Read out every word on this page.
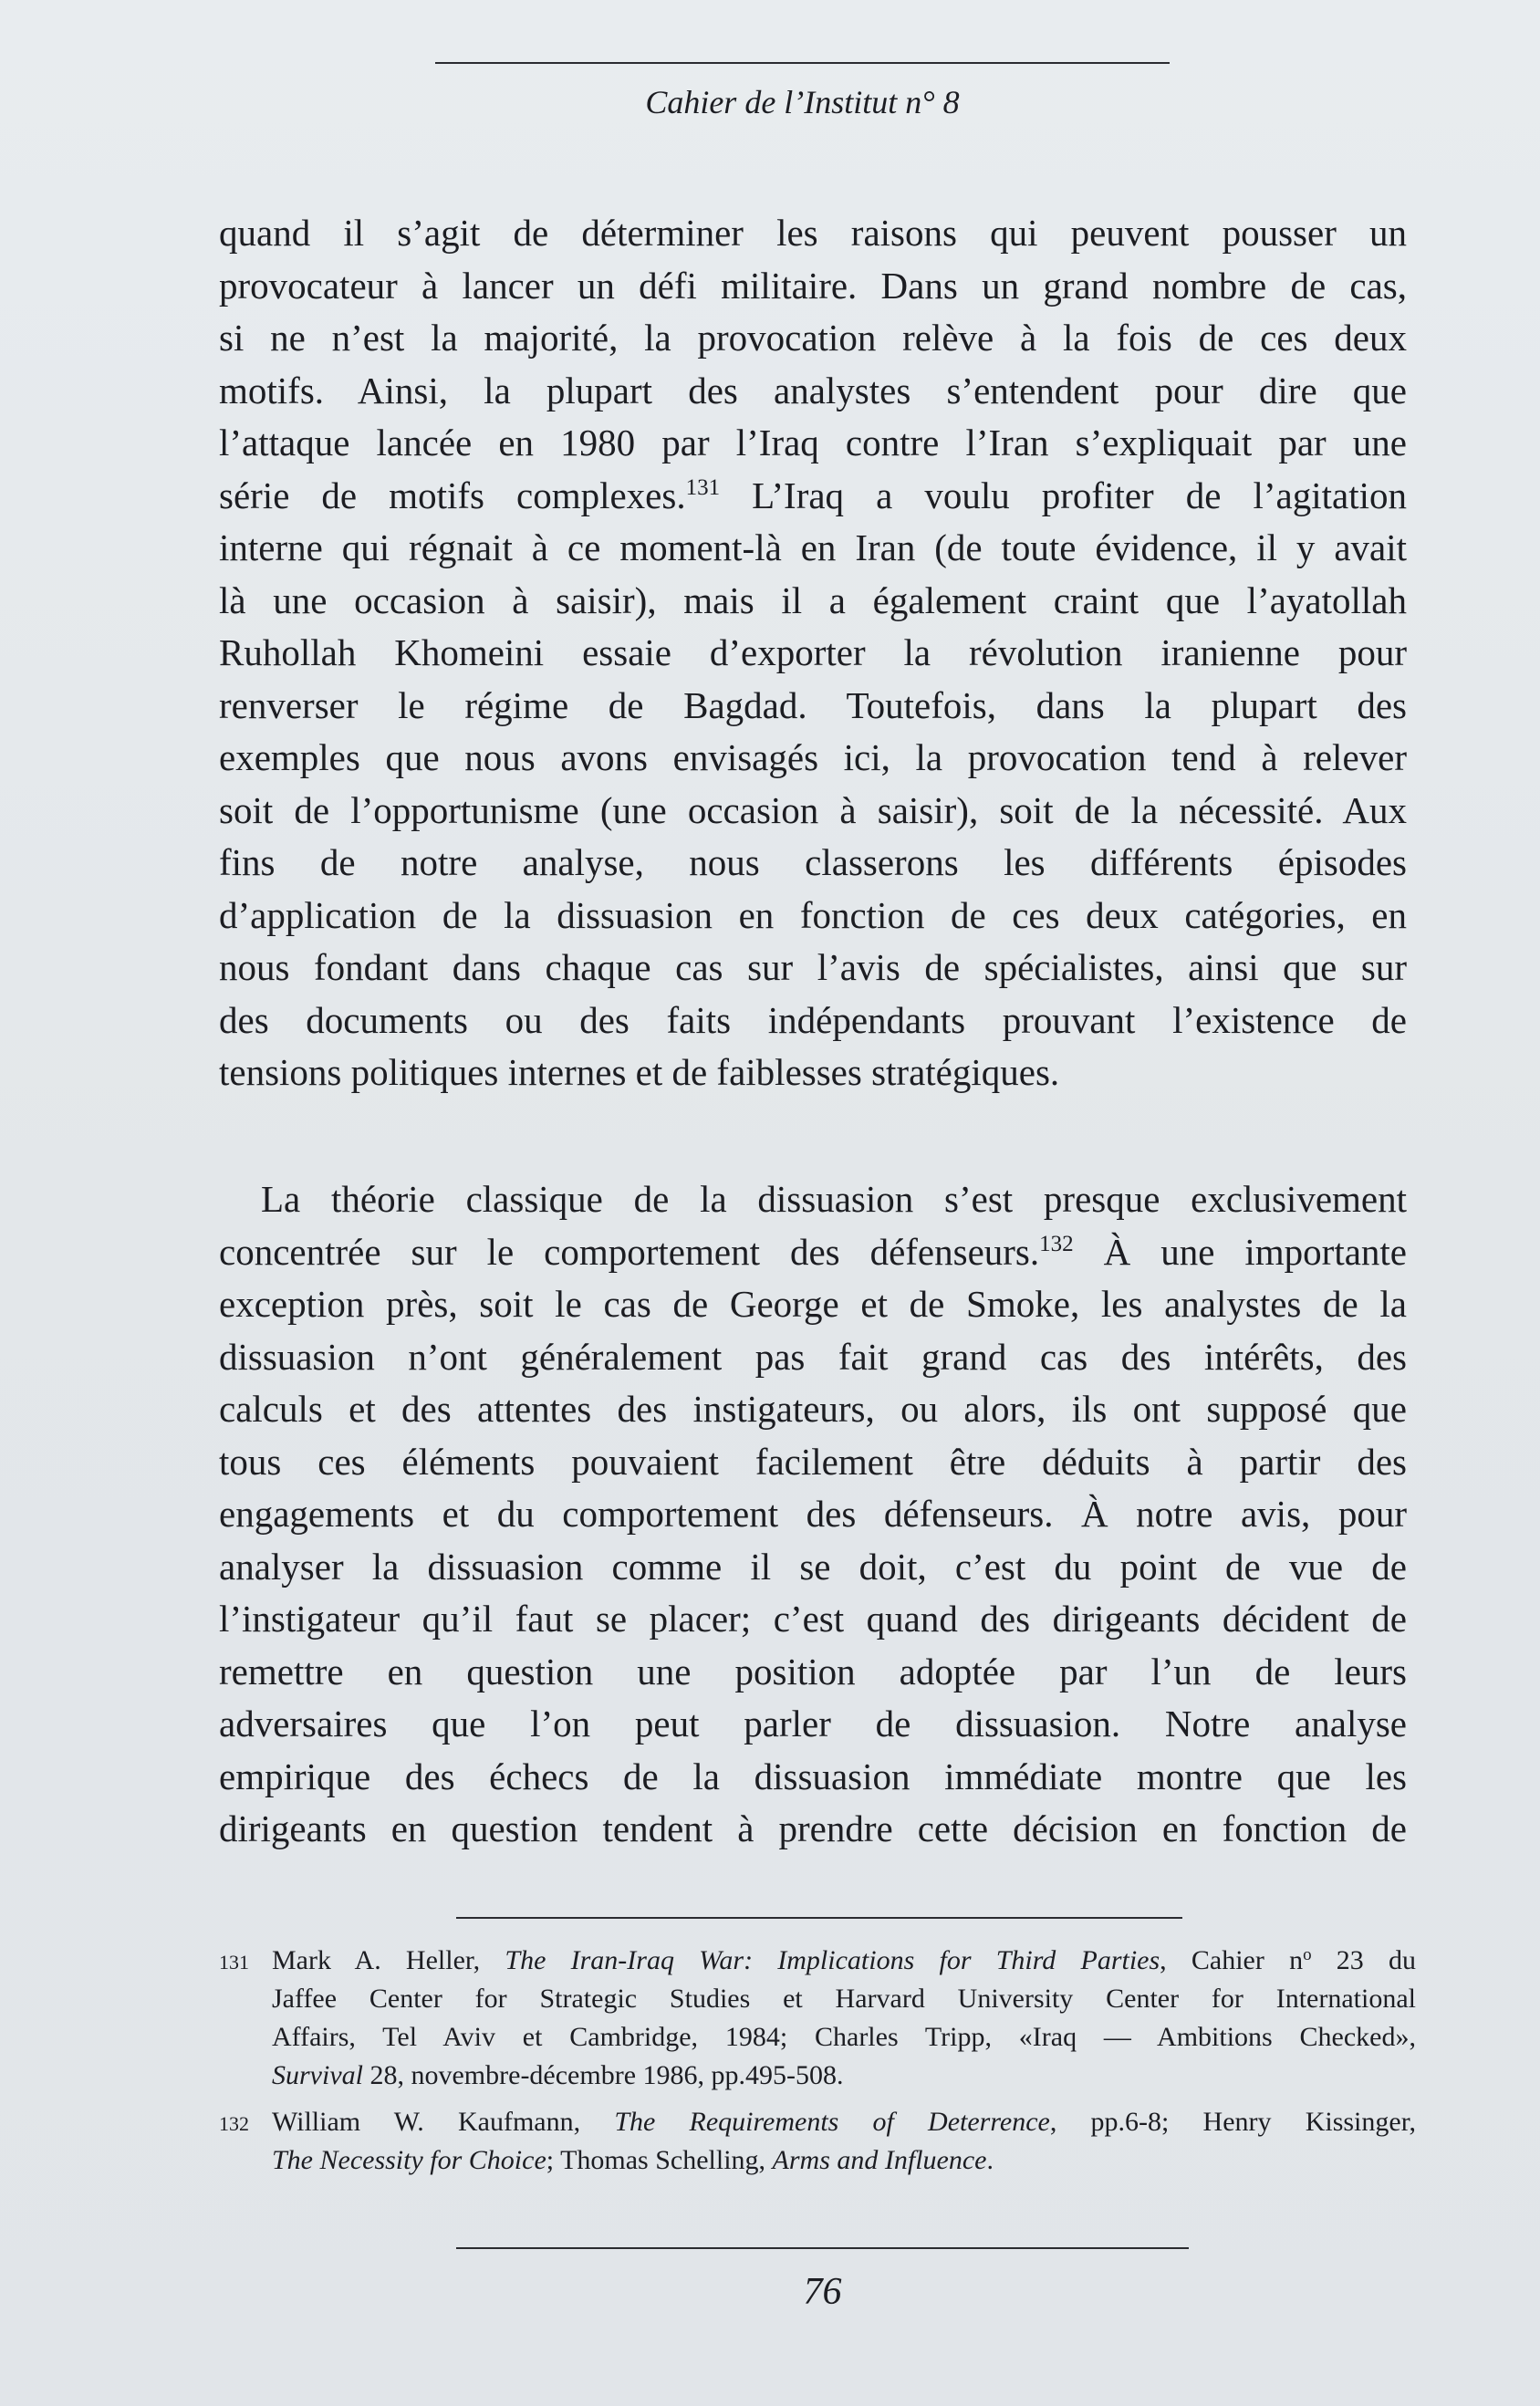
Cahier de l’Institut n° 8

quand il s’agit de déterminer les raisons qui peuvent pousser un
provocateur à lancer un défi militaire. Dans un grand nombre de cas,
si ne n’est la majorité, la provocation relève à la fois de ces deux
motifs. Ainsi, la plupart des analystes s’entendent pour dire que
l’attaque lancée en 1980 par l’Iraq contre l’Iran s’expliquait par une
série de motifs complexes.$^{131}$ L’Iraq a voulu profiter de l’agitation
interne qui régnait à ce moment-là en Iran (de toute évidence, il y avait
là une occasion à saisir), mais il a également craint que l’ayatollah
Ruhollah Khomeini essaie d’exporter la révolution iranienne pour
renverser le régime de Bagdad. Toutefois, dans la plupart des
exemples que nous avons envisagés ici, la provocation tend à relever
soit de l’opportunisme (une occasion à saisir), soit de la nécessité. Aux
fins de notre analyse, nous classerons les différents épisodes
d’application de la dissuasion en fonction de ces deux catégories, en
nous fondant dans chaque cas sur l’avis de spécialistes, ainsi que sur
des documents ou des faits indépendants prouvant l’existence de
tensions politiques internes et de faiblesses stratégiques.

La théorie classique de la dissuasion s’est presque exclusivement
concentrée sur le comportement des défenseurs.$^{132}$ À une importante
exception près, soit le cas de George et de Smoke, les analystes de la
dissuasion n’ont généralement pas fait grand cas des intérêts, des
calculs et des attentes des instigateurs, ou alors, ils ont supposé que
tous ces éléments pouvaient facilement être déduits à partir des
engagements et du comportement des défenseurs. À notre avis, pour
analyser la dissuasion comme il se doit, c’est du point de vue de
l’instigateur qu’il faut se placer; c’est quand des dirigeants décident de
remettre en question une position adoptée par l’un de leurs
adversaires que l’on peut parler de dissuasion. Notre analyse
empirique des échecs de la dissuasion immédiate montre que les
dirigeants en question tendent à prendre cette décision en fonction de

131 Mark A. Heller, The Iran-Iraq War: Implications for Third Parties, Cahier $n^o$ 23 du
Jaffee Center for Strategic Studies et Harvard University Center for International
Affairs, Tel Aviv et Cambridge, 1984; Charles Tripp, «Iraq — Ambitions Checked»,
Survival 28, novembre-décembre 1986, pp.495-508.
132 William W. Kaufmann, The Requirements of Deterrence, pp.6-8; Henry Kissinger,
The Necessity for Choice; Thomas Schelling, Arms and Influence.
76
